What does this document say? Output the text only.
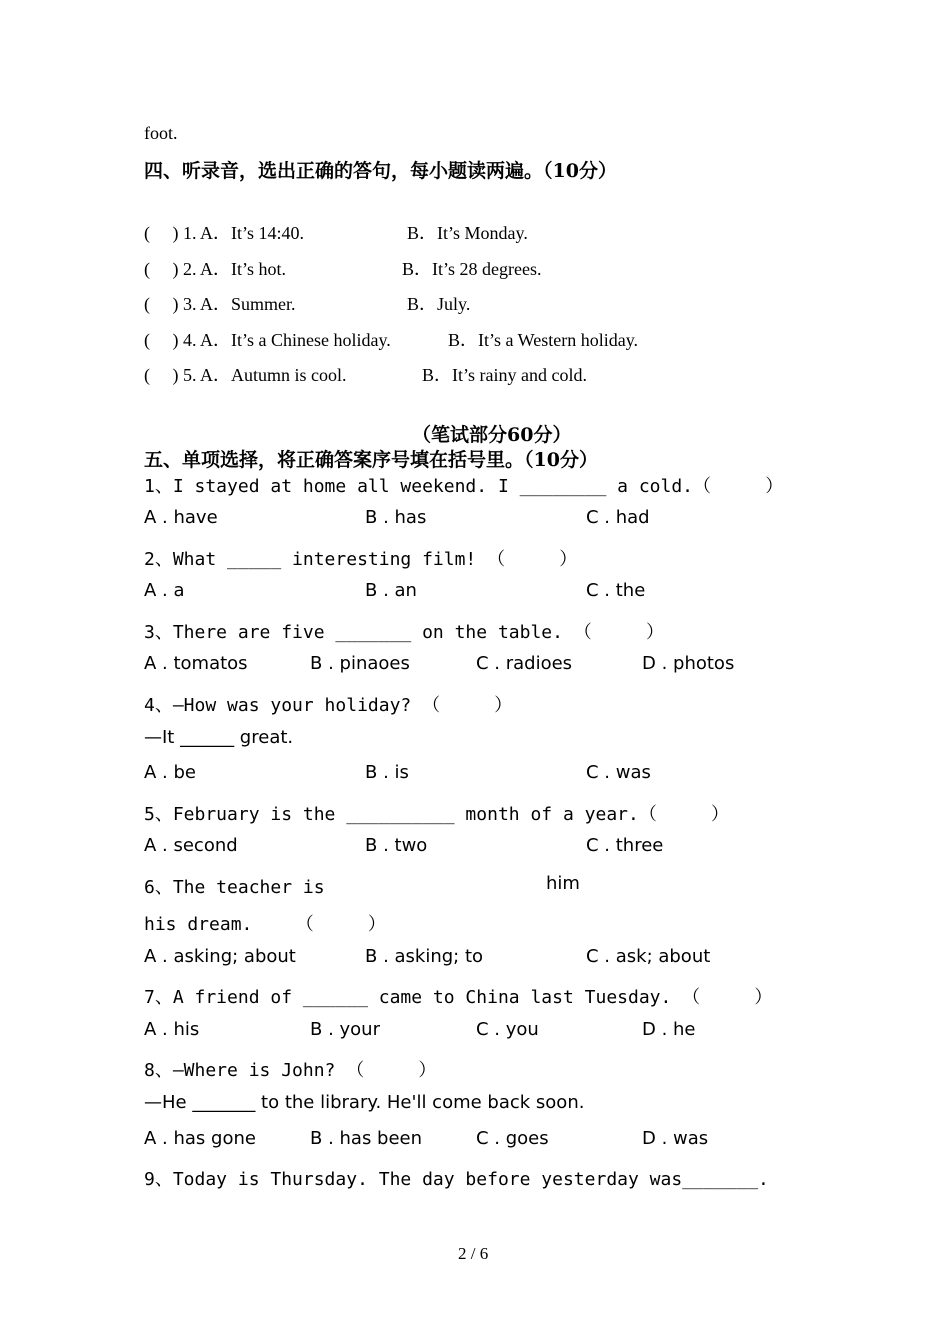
foot.
四、听录音，选出正确的答句，每小题读两遍。（10分）
(     ) 1. A．It’s 14:40.	B．It’s Monday.
(     ) 2. A．It’s hot.	B．It’s 28 degrees.
(     ) 3. A．Summer.	B．July.
(     ) 4. A．It’s a Chinese holiday.	B．It’s a Western holiday.
(     ) 5. A．Autumn is cool.	B．It’s rainy and cold.
（笔试部分60分）
五、单项选择，将正确答案序号填在括号里。（10分）
1、I stayed at home all weekend. I ________ a cold.（     ）
A . have	B . has	C . had
2、What _____ interesting film! （     ）
A . a	B . an	C . the
3、There are five _______ on the table. （     ）
A . tomatos	B . pinaoes	C . radioes	D . photos
4、—How was your holiday? （     ）
—It ______ great.
A . be	B . is	C . was
5、February is the __________ month of a year.（     ）
A . second	B . two	C . three
6、The teacher is	him
his dream.    （     ）
A . asking; about	B . asking; to	C . ask; about
7、A friend of ______ came to China last Tuesday. （     ）
A . his	B . your	C . you	D . he
8、—Where is John? （     ）
—He _______ to the library. He'll come back soon.
A . has gone	B . has been	C . goes	D . was
9、Today is Thursday. The day before yesterday was_______.
2 / 6
